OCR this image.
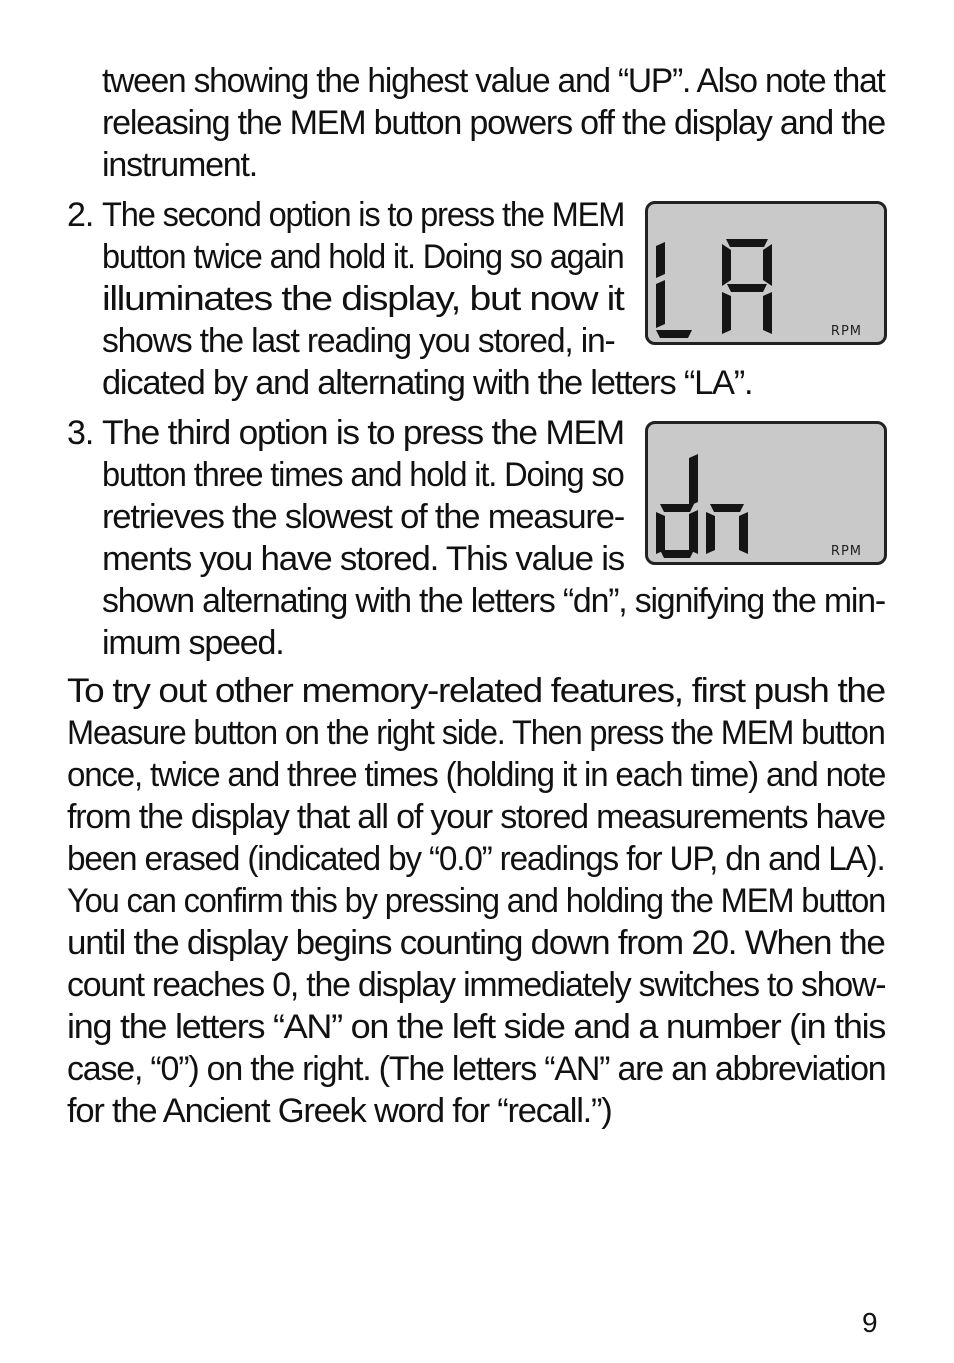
tween showing the highest value and “UP”. Also note that
releasing the MEM button powers off the display and the
instrument.
2. The second option is to press the MEM
button twice and hold it. Doing so again
illuminates the display, but now it
shows the last reading you stored, in-
dicated by and alternating with the letters “LA”.
RPM
3. The third option is to press the MEM
button three times and hold it. Doing so
retrieves the slowest of the measure-
ments you have stored. This value is
shown alternating with the letters “dn”, signifying the min-
imum speed.
RPM
To try out other memory-related features, first push the
Measure button on the right side. Then press the MEM button
once, twice and three times (holding it in each time) and note
from the display that all of your stored measurements have
been erased (indicated by “0.0” readings for UP, dn and LA).
You can confirm this by pressing and holding the MEM button
until the display begins counting down from 20. When the
count reaches 0, the display immediately switches to show-
ing the letters “AN” on the left side and a number (in this
case, “0”) on the right. (The letters “AN” are an abbreviation
for the Ancient Greek word for “recall.”)
9
